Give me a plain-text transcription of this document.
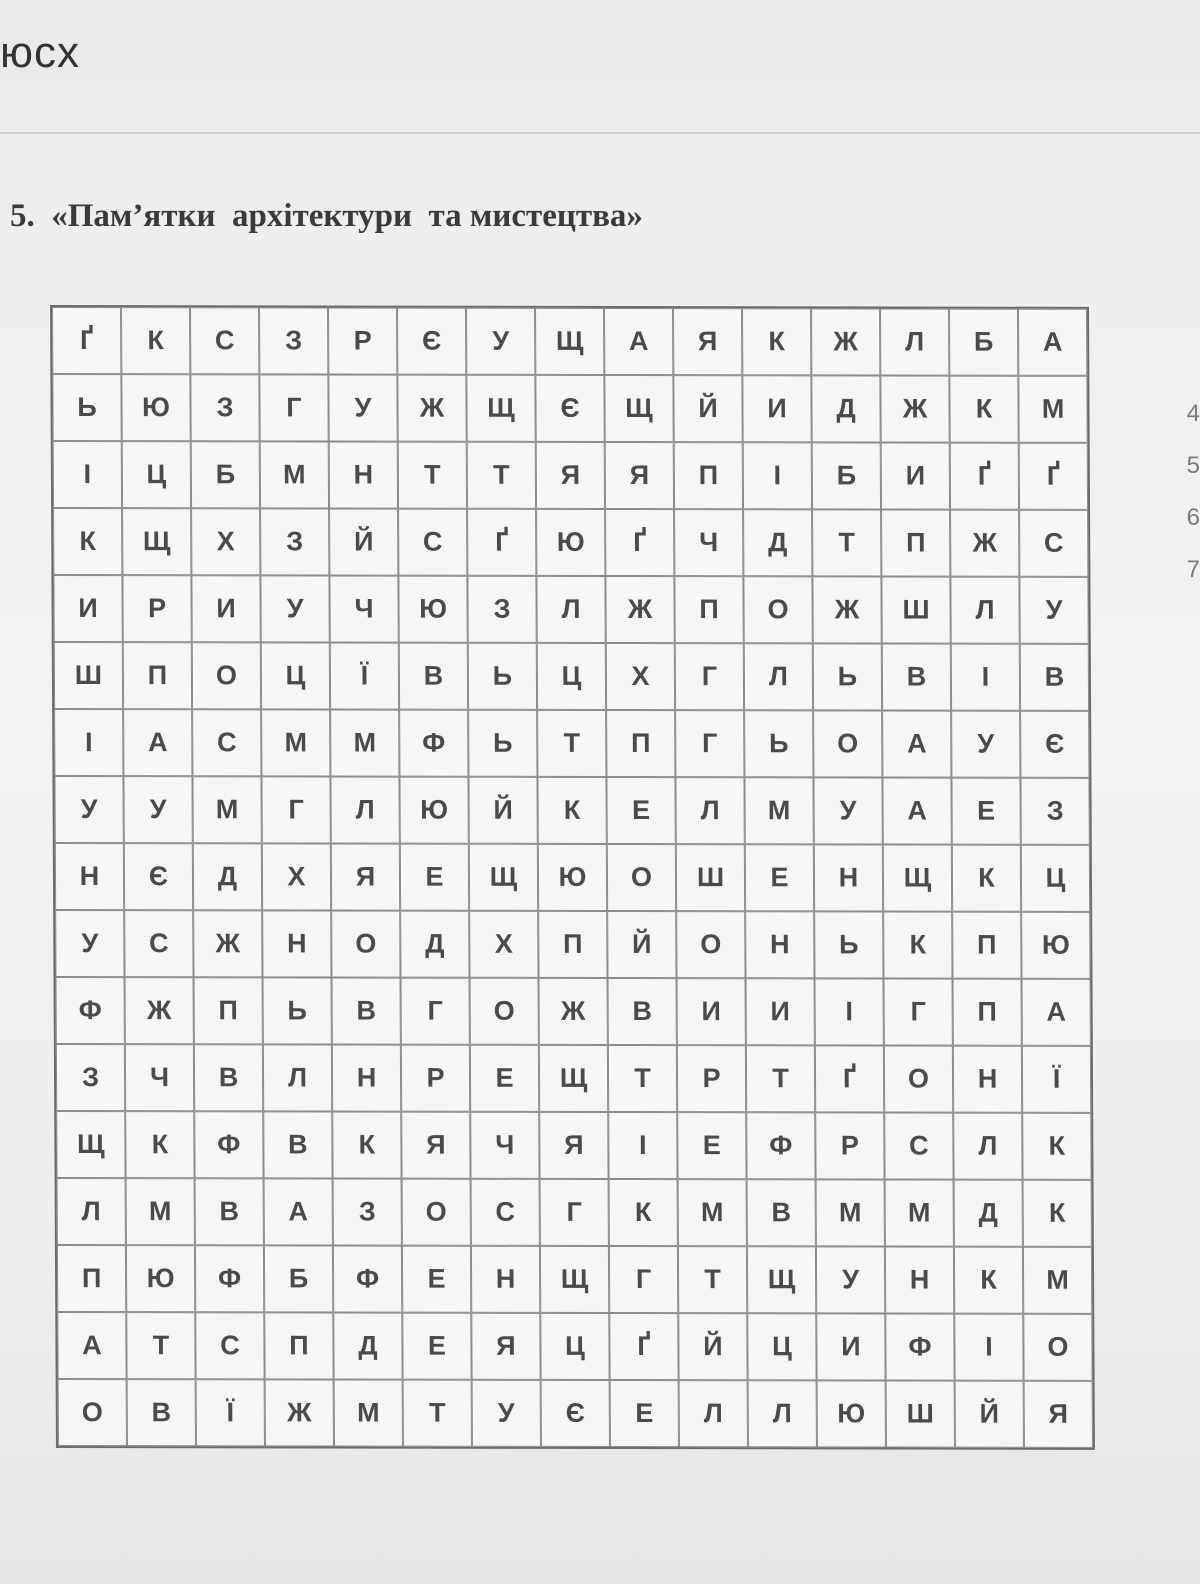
юсх
5.  «Пам’ятки  архітектури  та мистецтва»
Ґ	К	С	З	Р	Є	У	Щ	А	Я	К	Ж	Л	Б	А
Ь	Ю	З	Г	У	Ж	Щ	Є	Щ	Й	И	Д	Ж	К	М
І	Ц	Б	М	Н	Т	Т	Я	Я	П	І	Б	И	Ґ	Ґ
К	Щ	Х	З	Й	С	Ґ	Ю	Ґ	Ч	Д	Т	П	Ж	С
И	Р	И	У	Ч	Ю	З	Л	Ж	П	О	Ж	Ш	Л	У
Ш	П	О	Ц	Ї	В	Ь	Ц	Х	Г	Л	Ь	В	І	В
І	А	С	М	М	Ф	Ь	Т	П	Г	Ь	О	А	У	Є
У	У	М	Г	Л	Ю	Й	К	Е	Л	М	У	А	Е	З
Н	Є	Д	Х	Я	Е	Щ	Ю	О	Ш	Е	Н	Щ	К	Ц
У	С	Ж	Н	О	Д	Х	П	Й	О	Н	Ь	К	П	Ю
Ф	Ж	П	Ь	В	Г	О	Ж	В	И	И	І	Г	П	А
З	Ч	В	Л	Н	Р	Е	Щ	Т	Р	Т	Ґ	О	Н	Ї
Щ	К	Ф	В	К	Я	Ч	Я	І	Е	Ф	Р	С	Л	К
Л	М	В	А	З	О	С	Г	К	М	В	М	М	Д	К
П	Ю	Ф	Б	Ф	Е	Н	Щ	Г	Т	Щ	У	Н	К	М
А	Т	С	П	Д	Е	Я	Ц	Ґ	Й	Ц	И	Ф	І	О
О	В	Ї	Ж	М	Т	У	Є	Е	Л	Л	Ю	Ш	Й	Я
4
5
6
7
